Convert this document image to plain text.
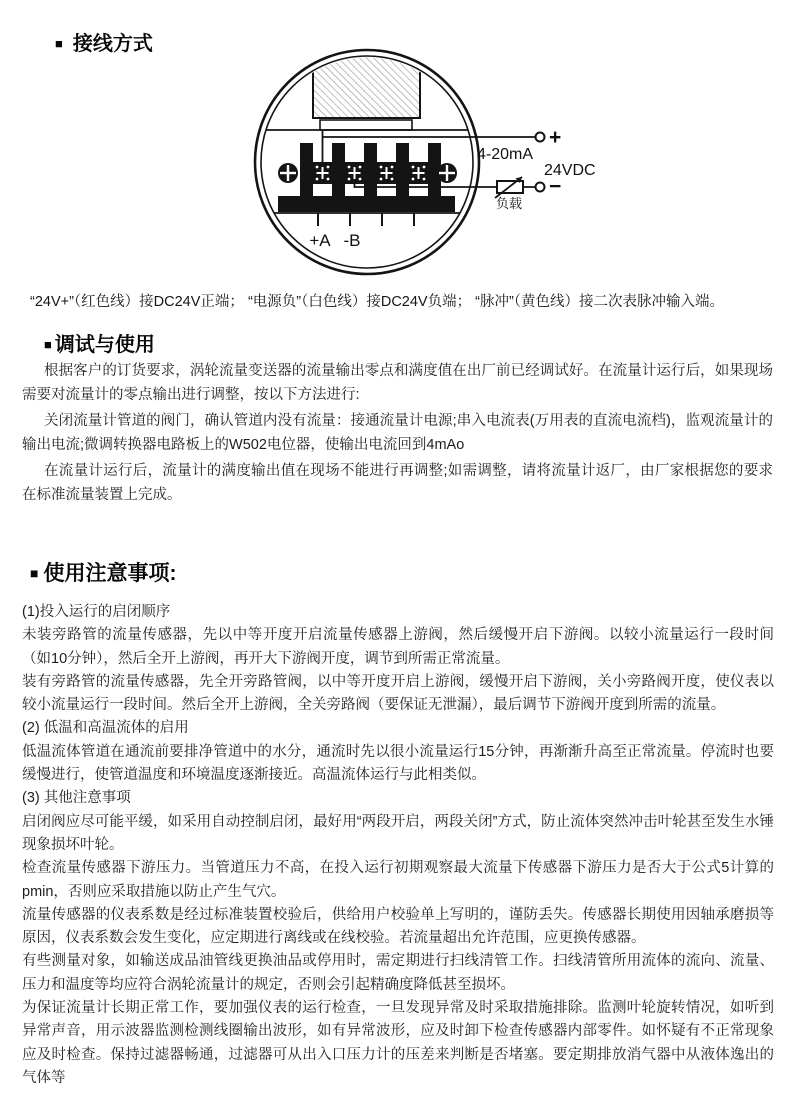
■ 接线方式
+A -B
4-20mA
+
24VDC
−
负载
“24V+”（红色线）接DC24V正端； “电源负”（白色线）接DC24V负端； “脉冲”（黄色线）接二次表脉冲输入端。
■ 调试与使用

根据客户的订货要求，涡轮流量变送器的流量输出零点和满度值在出厂前已经调试好。在流量计运行后，如果现场需要对流量计的零点输出进行调整，按以下方法进行:

关闭流量计管道的阀门，确认管道内没有流量：接通流量计电源;串入电流表(万用表的直流电流档)，监观流量计的输出电流;微调转换器电路板上的W502电位器，使输出电流回到4mAo

在流量计运行后，流量计的满度输出值在现场不能进行再调整;如需调整，请将流量计返厂，由厂家根据您的要求在标准流量装置上完成。

■ 使用注意事项:

(1)投入运行的启闭顺序

未装旁路管的流量传感器，先以中等开度开启流量传感器上游阀，然后缓慢开启下游阀。以较小流量运行一段时间（如10分钟），然后全开上游阀，再开大下游阀开度，调节到所需正常流量。

装有旁路管的流量传感器，先全开旁路管阀，以中等开度开启上游阀，缓慢开启下游阀，关小旁路阀开度，使仪表以较小流量运行一段时间。然后全开上游阀，全关旁路阀（要保证无泄漏），最后调节下游阀开度到所需的流量。

(2) 低温和高温流体的启用

低温流体管道在通流前要排净管道中的水分，通流时先以很小流量运行15分钟，再渐渐升高至正常流量。停流时也要缓慢进行，使管道温度和环境温度逐渐接近。高温流体运行与此相类似。

(3) 其他注意事项

启闭阀应尽可能平缓，如采用自动控制启闭，最好用“两段开启，两段关闭”方式，防止流体突然冲击叶轮甚至发生水锤现象损坏叶轮。

检查流量传感器下游压力。当管道压力不高，在投入运行初期观察最大流量下传感器下游压力是否大于公式5计算的pmin，否则应采取措施以防止产生气穴。

流量传感器的仪表系数是经过标准装置校验后，供给用户校验单上写明的，谨防丢失。传感器长期使用因轴承磨损等原因，仪表系数会发生变化，应定期进行离线或在线校验。若流量超出允许范围，应更换传感器。

有些测量对象，如输送成品油管线更换油品或停用时，需定期进行扫线清管工作。扫线清管所用流体的流向、流量、压力和温度等均应符合涡轮流量计的规定，否则会引起精确度降低甚至损坏。

为保证流量计长期正常工作，要加强仪表的运行检查，一旦发现异常及时采取措施排除。监测叶轮旋转情况，如听到异常声音，用示波器监测检测线圈输出波形，如有异常波形，应及时卸下检查传感器内部零件。如怀疑有不正常现象应及时检查。保持过滤器畅通，过滤器可从出入口压力计的压差来判断是否堵塞。要定期排放消气器中从液体逸出的气体等
